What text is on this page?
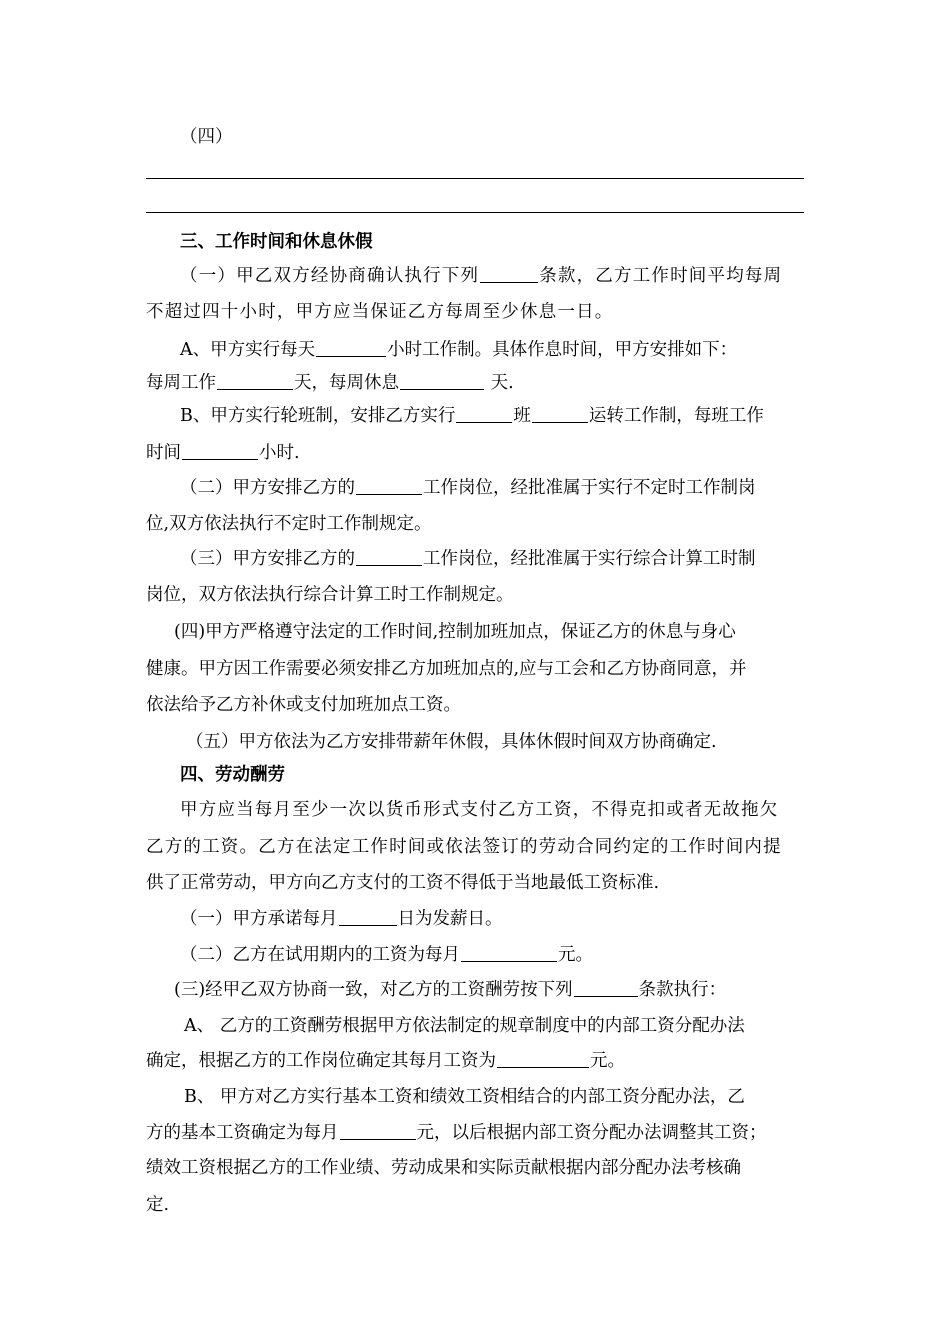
（四）
三、工作时间和休息休假
（一）甲乙双方经协商确认执行下列	条款，乙方工作时间平均每周
不超过四十小时，甲方应当保证乙方每周至少休息一日。
A、甲方实行每天	小时工作制。具体作息时间，甲方安排如下：
每周工作	天，每周休息	天.
B、甲方实行轮班制，安排乙方实行	班	运转工作制，每班工作
时间	小时.
（二）甲方安排乙方的	工作岗位，经批准属于实行不定时工作制岗
位,双方依法执行不定时工作制规定。
（三）甲方安排乙方的	工作岗位，经批准属于实行综合计算工时制
岗位，双方依法执行综合计算工时工作制规定。
(四)甲方严格遵守法定的工作时间,控制加班加点，保证乙方的休息与身心
健康。甲方因工作需要必须安排乙方加班加点的,应与工会和乙方协商同意，并
依法给予乙方补休或支付加班加点工资。
（五）甲方依法为乙方安排带薪年休假，具体休假时间双方协商确定.
四、劳动酬劳
甲方应当每月至少一次以货币形式支付乙方工资，不得克扣或者无故拖欠
乙方的工资。乙方在法定工作时间或依法签订的劳动合同约定的工作时间内提
供了正常劳动，甲方向乙方支付的工资不得低于当地最低工资标准.
（一）甲方承诺每月	日为发薪日。
（二）乙方在试用期内的工资为每月	元。
(三)经甲乙双方协商一致，对乙方的工资酬劳按下列	条款执行：
A、 乙方的工资酬劳根据甲方依法制定的规章制度中的内部工资分配办法
确定，根据乙方的工作岗位确定其每月工资为	元。
B、 甲方对乙方实行基本工资和绩效工资相结合的内部工资分配办法，乙
方的基本工资确定为每月	元，以后根据内部工资分配办法调整其工资；
绩效工资根据乙方的工作业绩、劳动成果和实际贡献根据内部分配办法考核确
定.
